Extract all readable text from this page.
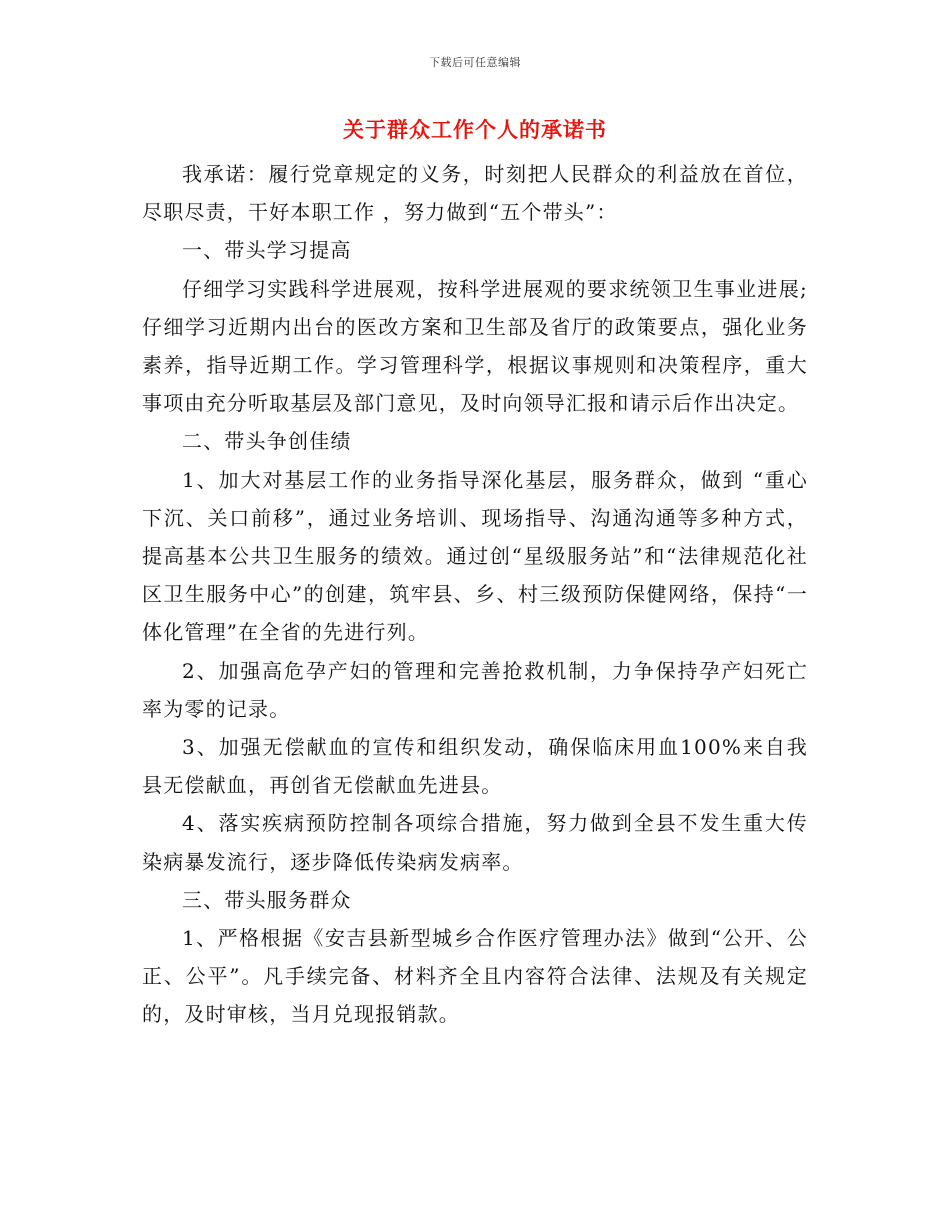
下载后可任意编辑
关于群众工作个人的承诺书

我承诺：履行党章规定的义务，时刻把人民群众的利益放在首位，尽职尽责，干好本职工作 ，努力做到“五个带头”：

一、带头学习提高

仔细学习实践科学进展观，按科学进展观的要求统领卫生事业进展;仔细学习近期内出台的医改方案和卫生部及省厅的政策要点，强化业务素养，指导近期工作。学习管理科学，根据议事规则和决策程序，重大事项由充分听取基层及部门意见，及时向领导汇报和请示后作出决定。

二、带头争创佳绩

1、加大对基层工作的业务指导深化基层，服务群众，做到 “重心下沉、关口前移”，通过业务培训、现场指导、沟通沟通等多种方式，提高基本公共卫生服务的绩效。通过创“星级服务站”和“法律规范化社区卫生服务中心”的创建，筑牢县、乡、村三级预防保健网络，保持“一体化管理”在全省的先进行列。

2、加强高危孕产妇的管理和完善抢救机制，力争保持孕产妇死亡率为零的记录。

3、加强无偿献血的宣传和组织发动，确保临床用血100%来自我县无偿献血，再创省无偿献血先进县。

4、落实疾病预防控制各项综合措施，努力做到全县不发生重大传染病暴发流行，逐步降低传染病发病率。

三、带头服务群众

1、严格根据《安吉县新型城乡合作医疗管理办法》做到“公开、公正、公平”。凡手续完备、材料齐全且内容符合法律、法规及有关规定的，及时审核，当月兑现报销款。
